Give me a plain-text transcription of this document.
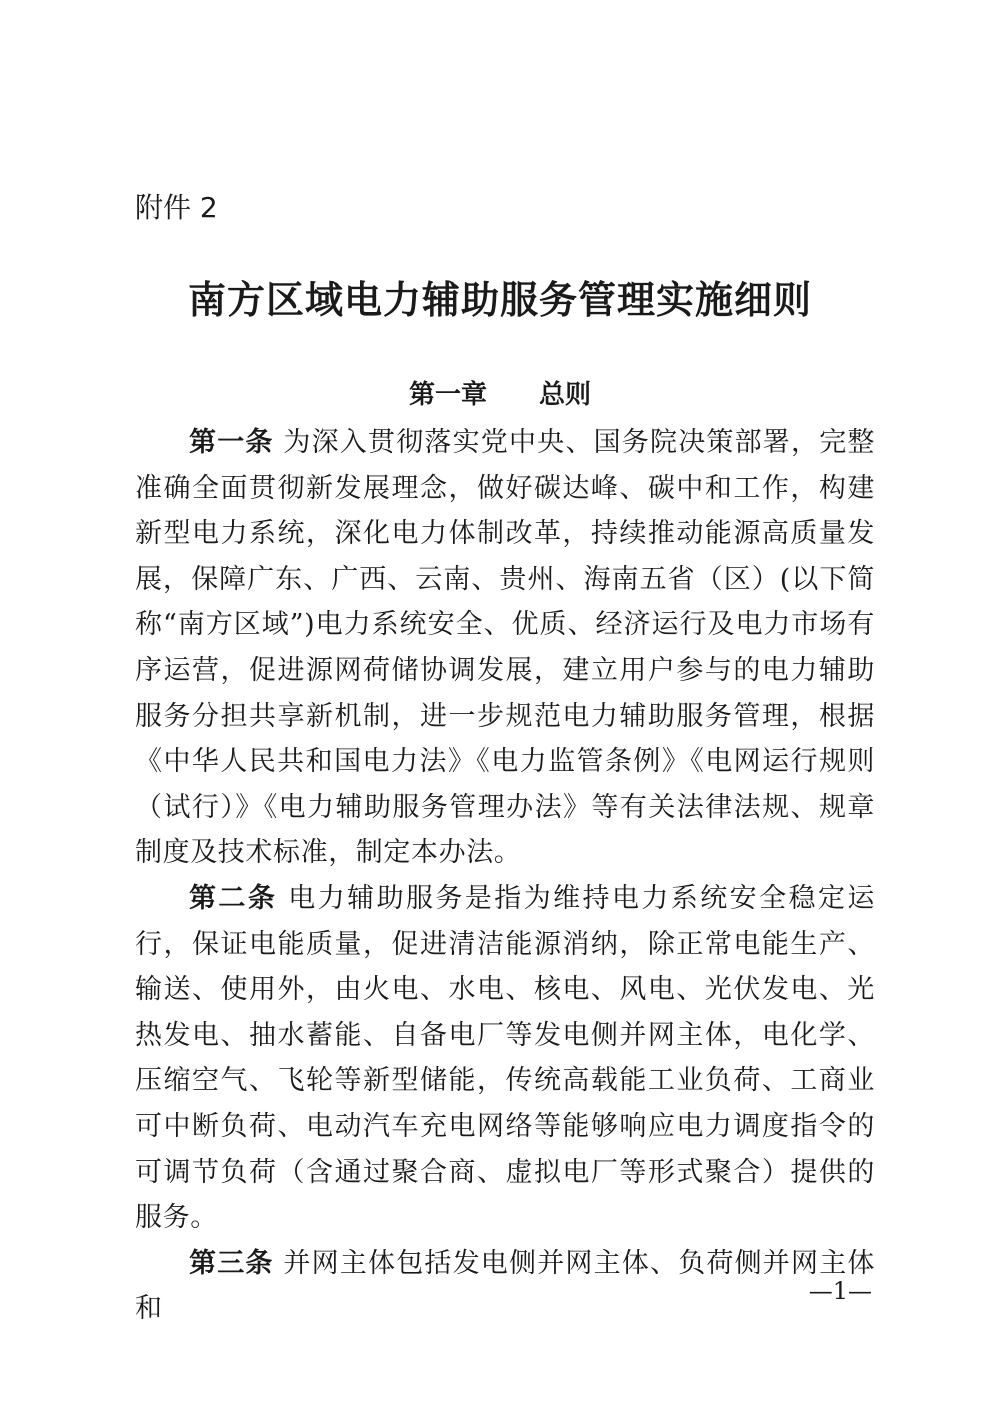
附件 2
南方区域电力辅助服务管理实施细则
第一章　　总则

第一条 为深入贯彻落实党中央、国务院决策部署，完整准确全面贯彻新发展理念，做好碳达峰、碳中和工作，构建新型电力系统，深化电力体制改革，持续推动能源高质量发展，保障广东、广西、云南、贵州、海南五省（区）(以下简称“南方区域”)电力系统安全、优质、经济运行及电力市场有序运营，促进源网荷储协调发展，建立用户参与的电力辅助服务分担共享新机制，进一步规范电力辅助服务管理，根据《中华人民共和国电力法》《电力监管条例》《电网运行规则（试行）》《电力辅助服务管理办法》等有关法律法规、规章制度及技术标准，制定本办法。

第二条 电力辅助服务是指为维持电力系统安全稳定运行，保证电能质量，促进清洁能源消纳，除正常电能生产、输送、使用外，由火电、水电、核电、风电、光伏发电、光热发电、抽水蓄能、自备电厂等发电侧并网主体，电化学、压缩空气、飞轮等新型储能，传统高载能工业负荷、工商业可中断负荷、电动汽车充电网络等能够响应电力调度指令的可调节负荷（含通过聚合商、虚拟电厂等形式聚合）提供的服务。

第三条 并网主体包括发电侧并网主体、负荷侧并网主体和

—1—
